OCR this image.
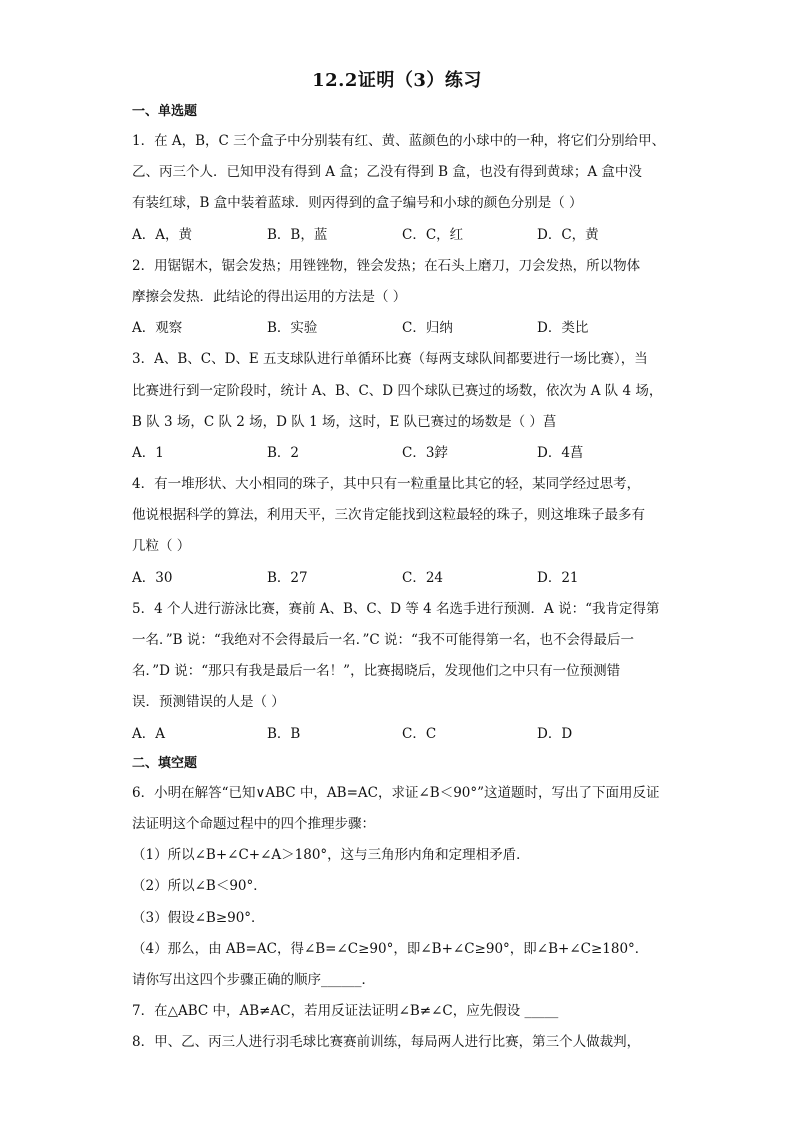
12.2证明（3）练习
一、单选题
1．在 A，B，C 三个盒子中分别装有红、黄、蓝颜色的小球中的一种，将它们分别给甲、
乙、丙三个人．已知甲没有得到 A 盒；乙没有得到 B 盒，也没有得到黄球；A 盒中没
有装红球，B 盒中装着蓝球．则丙得到的盒子编号和小球的颜色分别是（ ）
A．A，黄	B．B，蓝	C．C，红	D．C，黄
2．用锯锯木，锯会发热；用锉锉物，锉会发热；在石头上磨刀，刀会发热，所以物体
摩擦会发热．此结论的得出运用的方法是（ ）
A．观察	B．实验	C．归纳	D．类比
3．A、B、C、D、E 五支球队进行单循环比赛（每两支球队间都要进行一场比赛），当
比赛进行到一定阶段时，统计 A、B、C、D 四个球队已赛过的场数，依次为 A 队 4 场，
B 队 3 场，C 队 2 场，D 队 1 场，这时，E 队已赛过的场数是（ ）菖
A．1	B．2	C．3鋍	D．4菖
4．有一堆形状、大小相同的珠子，其中只有一粒重量比其它的轻，某同学经过思考，
他说根据科学的算法，利用天平，三次肯定能找到这粒最轻的珠子，则这堆珠子最多有
几粒（ ）
A．30	B．27	C．24	D．21
5．4 个人进行游泳比赛，赛前 A、B、C、D 等 4 名选手进行预测．A 说：“我肯定得第
一名．”B 说：“我绝对不会得最后一名．”C 说：“我不可能得第一名，也不会得最后一
名．”D 说：“那只有我是最后一名！”，比赛揭晓后，发现他们之中只有一位预测错
误．预测错误的人是（ ）
A．A	B．B	C．C	D．D
二、填空题
6．小明在解答“已知∨ABC 中，AB=AC，求证∠B＜90°”这道题时，写出了下面用反证
法证明这个命题过程中的四个推理步骤：
（1）所以∠B+∠C+∠A＞180°，这与三角形内角和定理相矛盾．
（2）所以∠B＜90°．
（3）假设∠B≥90°．
（4）那么，由 AB=AC，得∠B=∠C≥90°，即∠B+∠C≥90°，即∠B+∠C≥180°．
请你写出这四个步骤正确的顺序______．
7．在△ABC 中，AB≠AC，若用反证法证明∠B≠∠C，应先假设 _____
8．甲、乙、丙三人进行羽毛球比赛赛前训练，每局两人进行比赛，第三个人做裁判，
